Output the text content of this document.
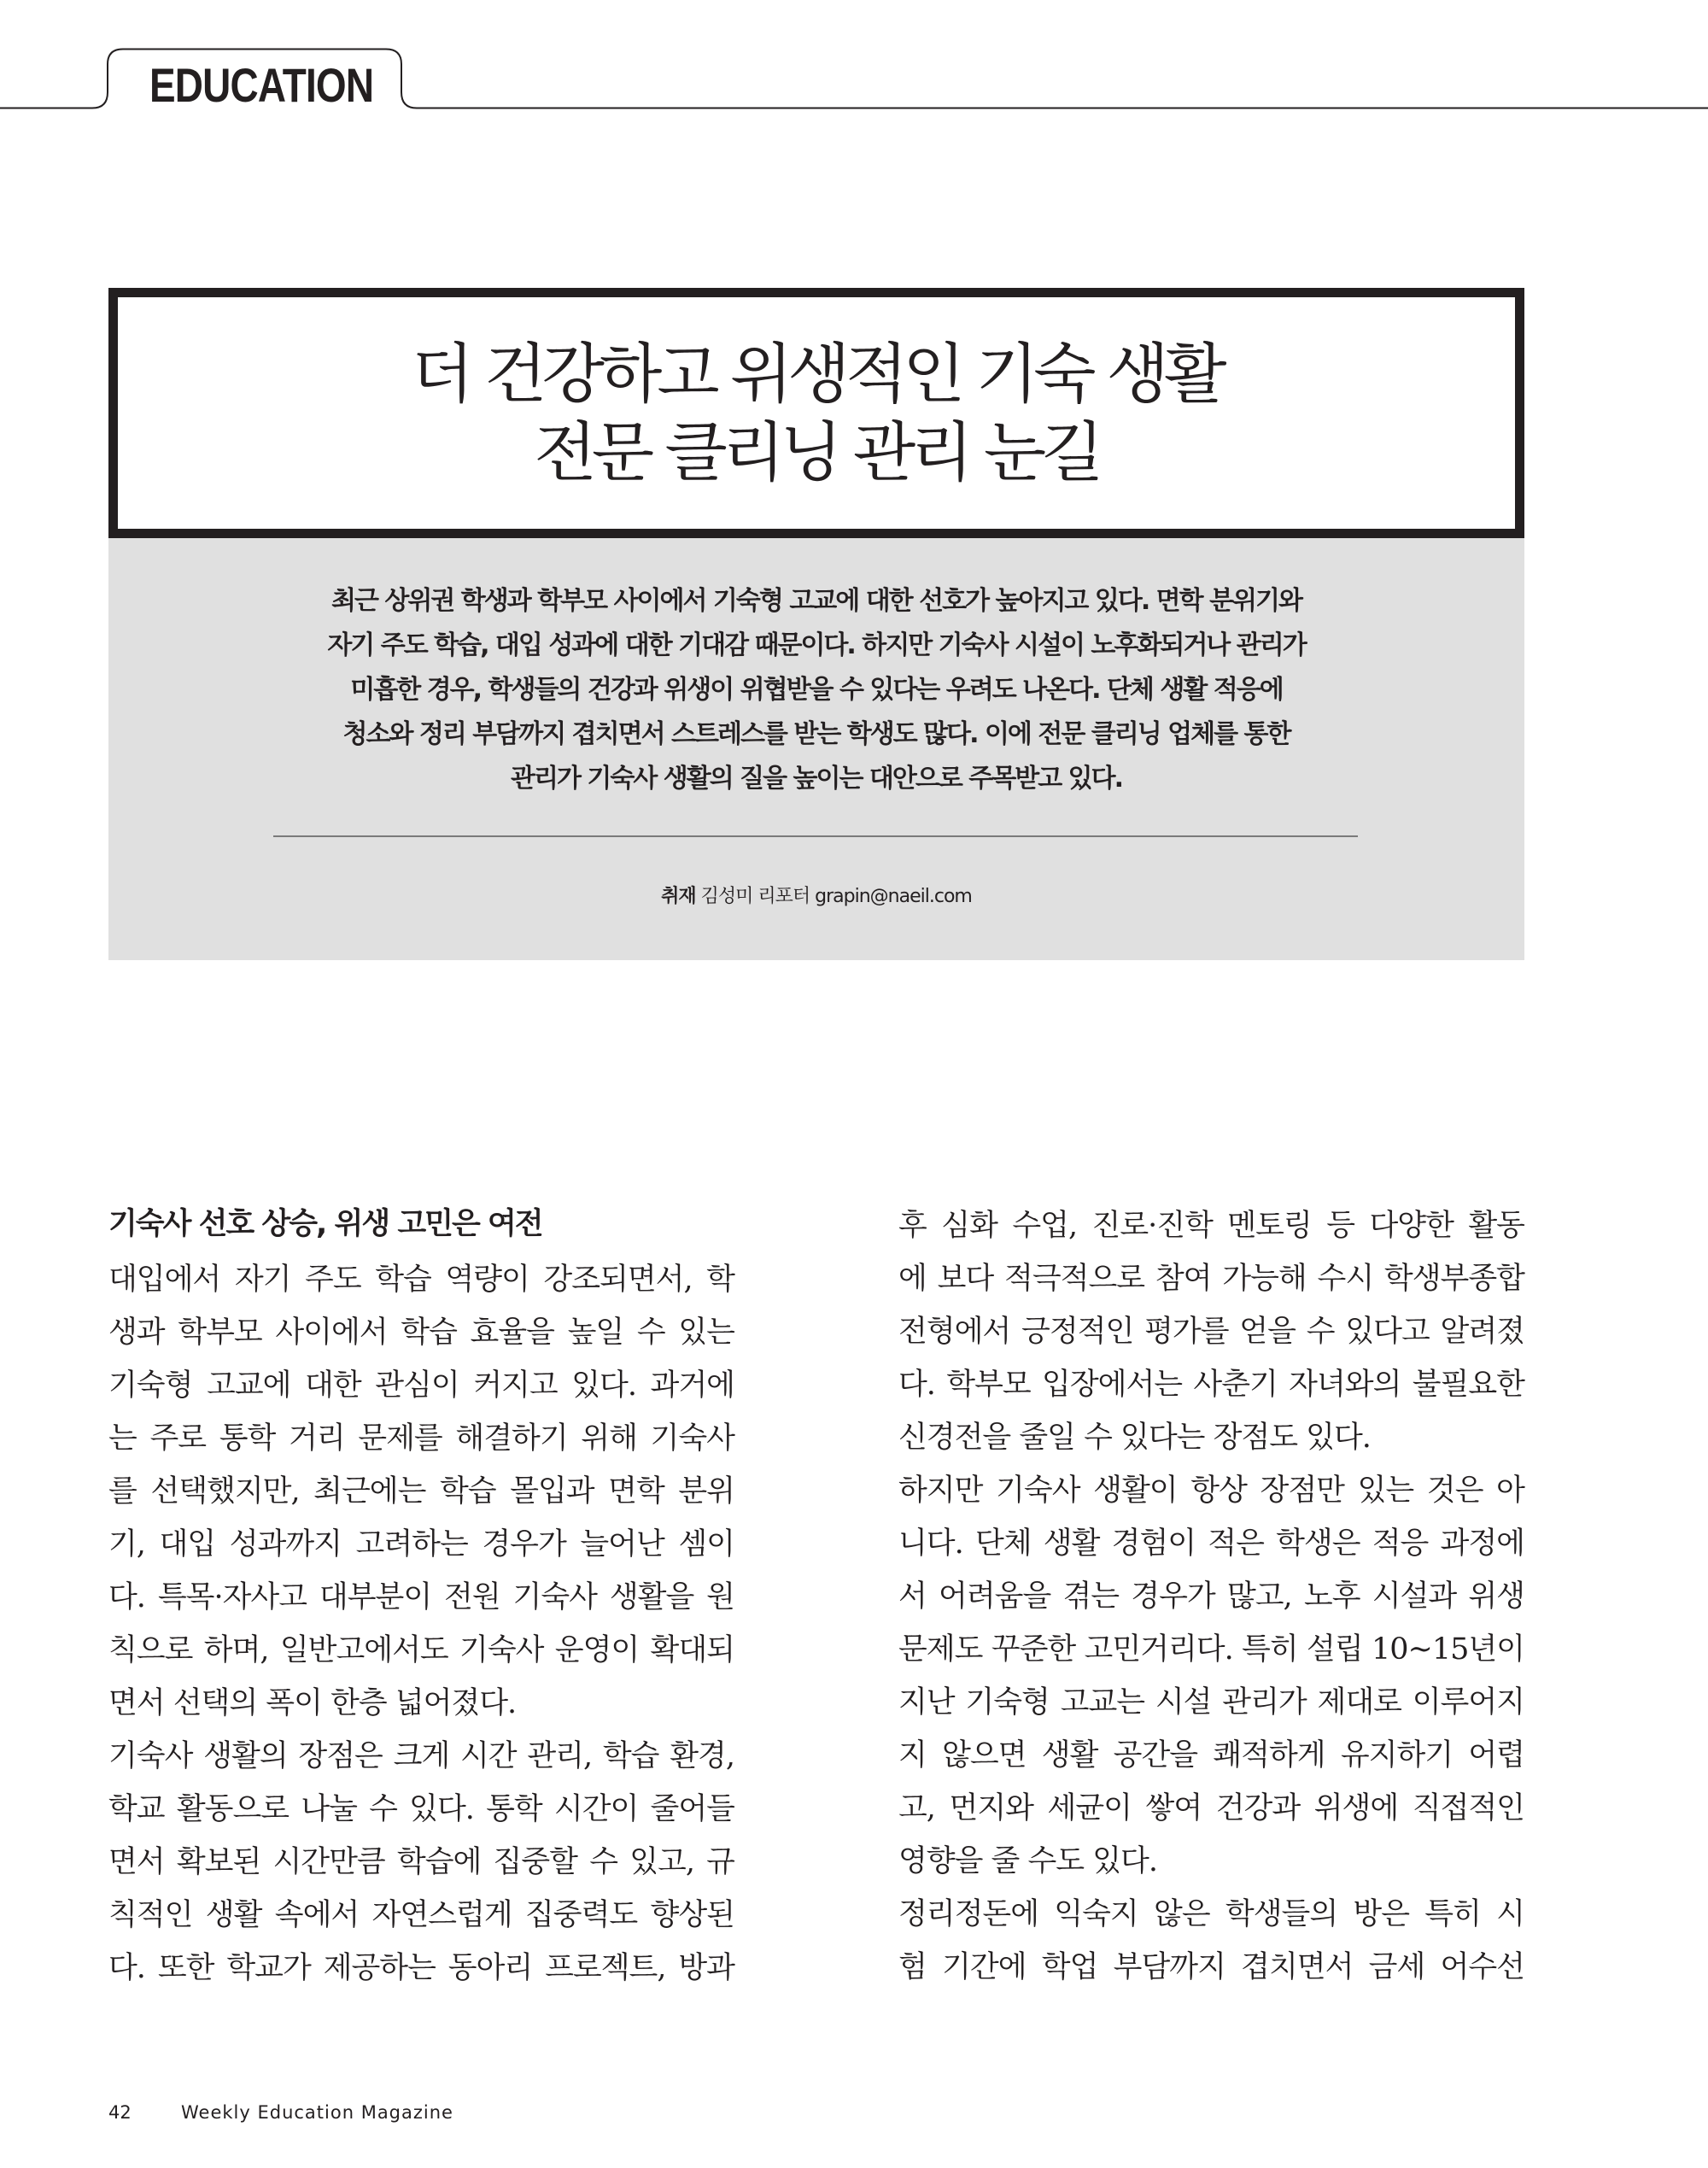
EDUCATION
더 건강하고 위생적인 기숙 생활
전문 클리닝 관리 눈길
최근 상위권 학생과 학부모 사이에서 기숙형 고교에 대한 선호가 높아지고 있다. 면학 분위기와
자기 주도 학습, 대입 성과에 대한 기대감 때문이다. 하지만 기숙사 시설이 노후화되거나 관리가
미흡한 경우, 학생들의 건강과 위생이 위협받을 수 있다는 우려도 나온다. 단체 생활 적응에
청소와 정리 부담까지 겹치면서 스트레스를 받는 학생도 많다. 이에 전문 클리닝 업체를 통한
관리가 기숙사 생활의 질을 높이는 대안으로 주목받고 있다.
취재 김성미 리포터 grapin@naeil.com
기숙사 선호 상승, 위생 고민은 여전
대입에서 자기 주도 학습 역량이 강조되면서, 학
생과 학부모 사이에서 학습 효율을 높일 수 있는
기숙형 고교에 대한 관심이 커지고 있다. 과거에
는 주로 통학 거리 문제를 해결하기 위해 기숙사
를 선택했지만, 최근에는 학습 몰입과 면학 분위
기, 대입 성과까지 고려하는 경우가 늘어난 셈이
다. 특목·자사고 대부분이 전원 기숙사 생활을 원
칙으로 하며, 일반고에서도 기숙사 운영이 확대되
면서 선택의 폭이 한층 넓어졌다.
기숙사 생활의 장점은 크게 시간 관리, 학습 환경,
학교 활동으로 나눌 수 있다. 통학 시간이 줄어들
면서 확보된 시간만큼 학습에 집중할 수 있고, 규
칙적인 생활 속에서 자연스럽게 집중력도 향상된
다. 또한 학교가 제공하는 동아리 프로젝트, 방과
후 심화 수업, 진로·진학 멘토링 등 다양한 활동
에 보다 적극적으로 참여 가능해 수시 학생부종합
전형에서 긍정적인 평가를 얻을 수 있다고 알려졌
다. 학부모 입장에서는 사춘기 자녀와의 불필요한
신경전을 줄일 수 있다는 장점도 있다.
하지만 기숙사 생활이 항상 장점만 있는 것은 아
니다. 단체 생활 경험이 적은 학생은 적응 과정에
서 어려움을 겪는 경우가 많고, 노후 시설과 위생
문제도 꾸준한 고민거리다. 특히 설립 10~15년이
지난 기숙형 고교는 시설 관리가 제대로 이루어지
지 않으면 생활 공간을 쾌적하게 유지하기 어렵
고, 먼지와 세균이 쌓여 건강과 위생에 직접적인
영향을 줄 수도 있다.
정리정돈에 익숙지 않은 학생들의 방은 특히 시
험 기간에 학업 부담까지 겹치면서 금세 어수선
42	Weekly Education Magazine
